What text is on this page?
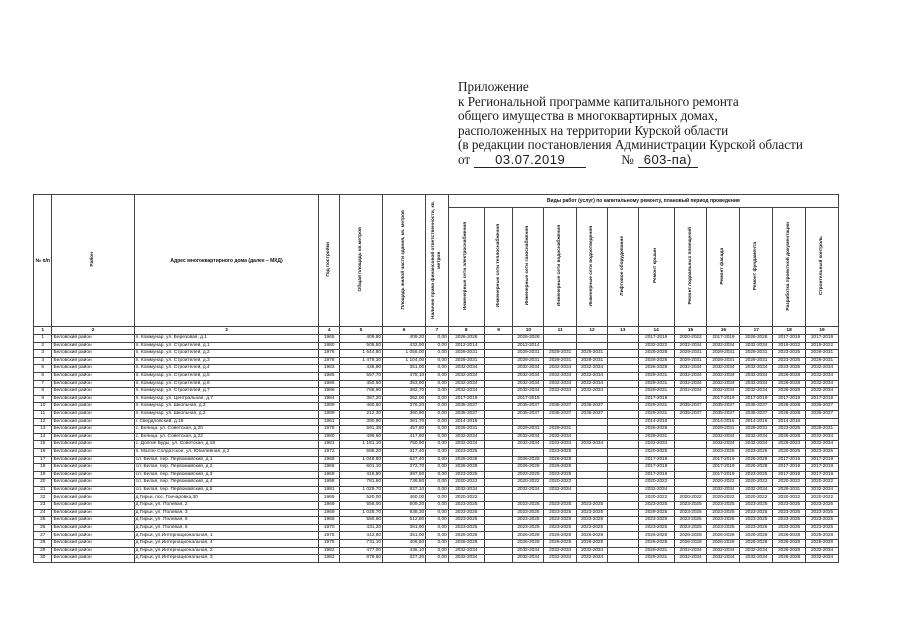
Приложение
к Региональной программе капитального ремонта
общего имущества в многоквартирных домах,
расположенных на территории Курской области
(в редакции постановления Администрации Курской области
от	03.07.2019	№ 603-па)
№ п/п	Район	Адрес многоквартирного дома (далее – МКД)	Год постройки	Общая площадь кв.метров	Площадь жилой части здания, кв. метров	Наличие права финансовой ответственности, кв. метров	Виды работ (услуг) по капитальному ремонту, плановый период проведения											
							Инженерные сети электроснабжения	Инженерные сети теплоснабжения	Инженерные сети газоснабжения	Инженерные сети водоснабжения	Инженерные сети водоотведения	Лифтовое оборудование	Ремонт крыши	Ремонт подвальных помещений	Ремонт фасада	Ремонт фундамента	Разработка проектной документации	Строительный контроль
1	2	3	4	5	6	7	8	9	10	11	12	13	14	15	16	17	18	19
1	Беловский район	п. Коммунар, ул. Березовая, д.1	1965	409,80	409,20	0,00	2026-2028		2026-2028				2017-2019	2020-2022	2017-2019	2026-2028	2017-2019	2017-2019
2	Беловский район	п. Коммунар, ул. Строителей, д.1	1980	505,50	432,90	0,00	2012-2014		2012-2014				2032-2022	2032-2034	2032-2034	2032-2034	2019-2022	2019-2022
3	Беловский район	п. Коммунар, ул. Строителей, д.2	1976	1 644,80	1 056,00	0,00	2029-2031		2029-2031	2029-2031	2029-2031		2026-2028	2029-2031	2029-2031	2029-2031	2023-2025	2029-2031
4	Беловский район	п. Коммунар, ул. Строителей, д.3	1978	1 479,30	1 104,00	0,00	2029-2031		2029-2031	2029-2031	2029-2031		2026-2028	2029-2031	2029-2031	2029-2031	2023-2025	2029-2031
5	Беловский район	п. Коммунар, ул. Строителей, д.4	1983	436,80	351,00	0,00	2032-2034		2032-2034	2032-2034	2032-2034		2026-2028	2032-2034	2032-2034	2032-2034	2023-2025	2032-2034
6	Беловский район	п. Коммунар, ул. Строителей, д.5	1985	557,70	478,10	0,00	2032-2034		2032-2034	2032-2034	2032-2034		2029-2031	2032-2034	2032-2034	2032-2034	2026-2028	2032-2034
7	Беловский район	п. Коммунар, ул. Строителей, д.6	1986	450,50	353,90	0,00	2032-2034		2032-2034	2032-2034	2032-2034		2029-2031	2032-2034	2032-2034	2032-2034	2026-2028	2032-2034
8	Беловский район	п. Коммунар, ул. Строителей, д.7	1986	768,90	382,70	0,00	2032-2034		2032-2034	2032-2034	2032-2034		2029-2031	2032-2034	2032-2034	2032-2034	2026-2028	2032-2034
9	Беловский район	п. Коммунар, ул. Центральная, д.7	1984	387,20	352,00	0,00	2017-2019		2017-2019				2017-2019		2017-2019	2017-2019	2017-2019	2017-2019
10	Беловский район	п. Коммунар, ул. Школьная, д.3	1989	460,60	376,20	0,00	2035-2037		2035-2037	2035-2037	2035-2037		2029-2031	2035-2037	2035-2037	2035-2037	2026-2028	2035-2037
11	Беловский район	п. Коммунар, ул. Школьная, д.2	1989	212,30	360,90	0,00	2035-2037		2035-2037	2035-2037	2035-2037		2029-2031	2035-2037	2035-2037	2035-2037	2026-2028	2035-2037
12	Беловский район	г. Свердловский, д.18	1961	390,90	361,70	0,00	2014-2016						2014-2016		2014-2016	2014-2016	2014-2016	
13	Беловский район	с. Белица, ул. Советская, д.20	1978	591,38	457,80	0,00	2026-2031		2029-2031	2029-2031			2026-2028		2029-2031	2029-2031	2023-2025	2029-2031
14	Беловский район	с. Белица, ул. Советская, д.22	1980	499,60	417,60	0,00	2032-2034		2032-2034	2032-2034			2029-2031		2032-2034	2032-2034	2026-2028	2032-2034
15	Беловский район	с. Долгие Буды, ул. Советская, д.18	1981	1 181,10	750,90	0,00	2032-2034		2032-2034	2032-2034	2032-2034		2032-2034		2032-2034	2032-2034	2029-2023	2032-2034
16	Беловский район	п. Малое Солдатское, ул. Юбилейная, д.2	1972	586,20	317,40	0,00	2023-2025			2023-2025			2020-2025		2023-2025	2023-2025	2020-2025	2023-2025
17	Беловский район	сл. Белая, пер. Первомайский, д.1	1968	1 048,80	627,40	0,00	2026-2028		2026-2028	2026-2028			2017-2019		2017-2019	2026-2028	2017-2019	2017-2019
18	Беловский район	сл. Белая, пер. Первомайский, д.2	1968	601,10	372,70	0,00	2026-2028		2026-2028	2026-2028			2017-2019		2017-2019	2026-2028	2017-2019	2017-2019
19	Беловский район	сл. Белая, пер. Первомайский, д.3	1968	415,90	387,50	0,00	2023-2025		2023-2025	2023-2025			2017-2019		2017-2019	2023-2025	2017-2019	2017-2019
20	Беловский район	сл. Белая, пер. Первомайский, д.4	1998	781,60	736,80	0,00	2020-2022		2020-2022	2020-2022			2020-2022		2020-2022	2020-2022	2020-2022	2020-2022
21	Беловский район	сл. Белая, пер. Первомайский, д.5	1981	1 029,70	837,10	0,00	2032-2034		2032-2034	2032-2034			2032-2034		2032-2034	2032-2034	2029-2031	2032-2034
22	Беловский район	д.Гирьи, пос. Гончаровка,30	1965	520,00	460,00	0,00	2020-2022						2020-2022	2020-2022	2020-2022	2020-2022	2020-2022	2020-2022
23	Беловский район	д.Гирьи, ул. Полевая, 2	1969	556,00	509,20	0,00	2023-2025		2023-2025	2023-2025	2023-2025		2023-2025	2023-2025	2023-2025	2023-2025	2023-2025	2023-2025
24	Беловский район	д.Гирьи, ул. Полевая, 3	1969	1 038,70	938,30	0,00	2023-2025		2023-2025	2023-2025	2023-2025		2029-2025	2023-2025	2023-2025	2023-2025	2023-2025	2023-2025
25	Беловский район	д.Гирьи, ул. Полевая, 5	1968	580,60	512,80	0,00	2023-2025		2023-2025	2023-2025	2023-2025		2023-2025	2023-2025	2023-2025	2023-2025	2023-2025	2023-2025
26	Беловский район	д.Гирьи, ул. Полевая, 6	1970	431,20	361,90	0,00	2023-2025		2023-2025	2023-2025	2023-2025		2023-2025	2023-2025	2023-2025	2023-2025	2023-2025	2023-2025
27	Беловский район	д.Гирьи, ул.Интернациональная, 1	1975	412,60	351,00	0,00	2026-2028		2026-2028	2026-2028	2026-2028		2026-2028	2026-2028	2026-2028	2026-2028	2026-2028	2026-2028
28	Беловский район	д.Гирьи, ул.Интернациональная, 4	1975	731,10	406,50	0,00	2026-2028		2026-2028	2026-2028	2026-2028		2026-2028	2026-2028	2026-2028	2026-2028	2026-2028	2026-2028
29	Беловский район	д.Гирьи, ул.Интернациональная, 2	1982	477,00	436,10	0,00	2032-2034		2032-2034	2032-2034	2032-2034		2029-2031	2032-2034	2032-2034	2032-2034	2026-2028	2032-2034
30	Беловский район	д.Гирьи, ул.Интернациональная, 3	1982	879,60	327,20	0,00	2032-2034		2032-2034	2032-2034	2032-2034		2029-2031	2032-2034	2032-2034	2032-2034	2026-2028	2032-2034
